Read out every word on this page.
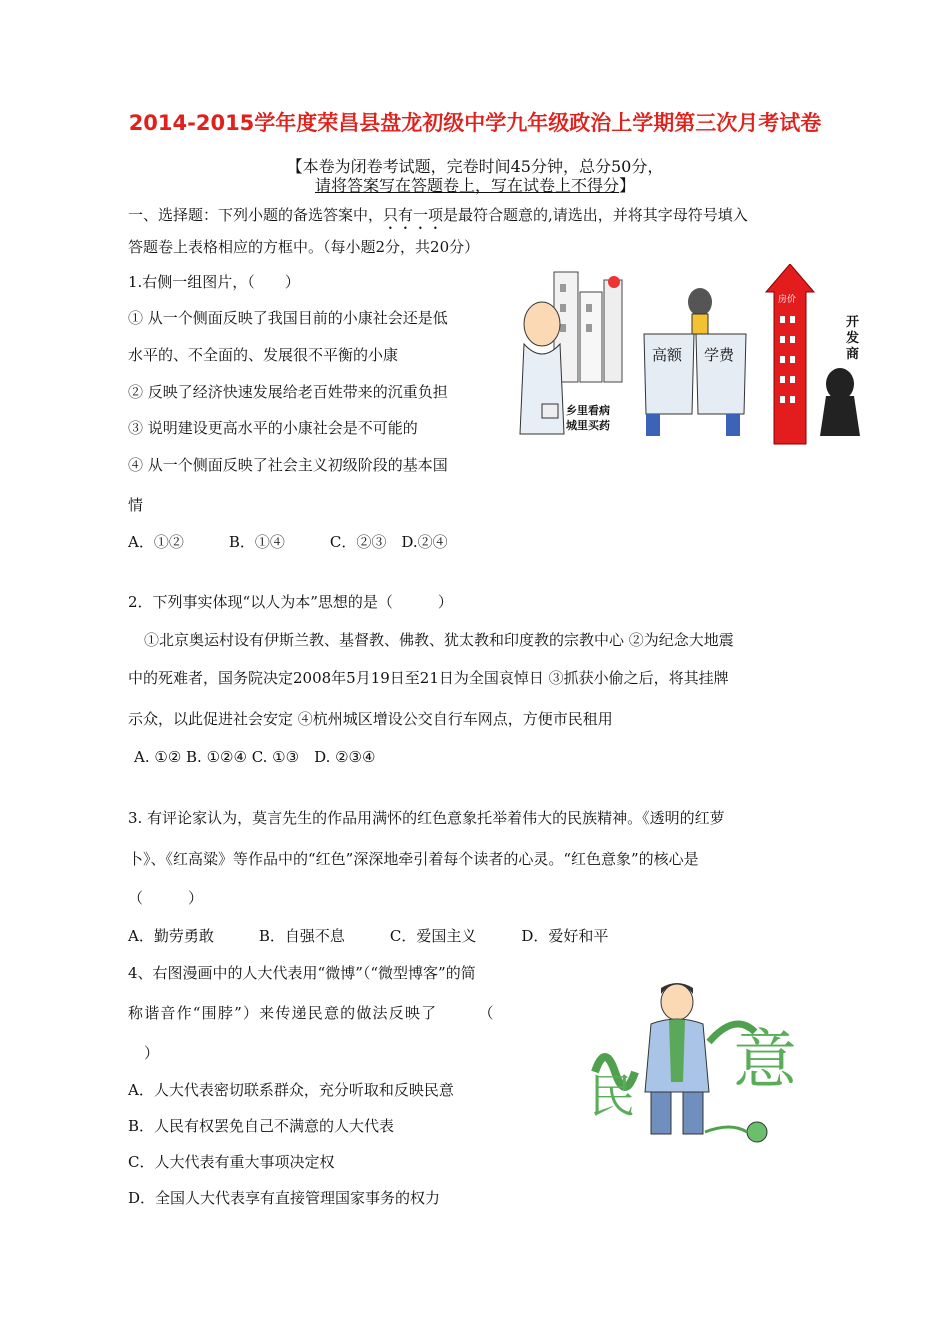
2014-2015学年度荣昌县盘龙初级中学九年级政治上学期第三次月考试卷
【本卷为闭卷考试题，完卷时间45分钟，总分50分，
请将答案写在答题卷上，写在试卷上不得分】
一、选择题：下列小题的备选答案中，只有一项是最符合题意的,请选出，并将其字母符号填入
答题卷上表格相应的方框中。（每小题2分，共20分）
1.右侧一组图片，（　　）
① 从一个侧面反映了我国目前的小康社会还是低
水平的、不全面的、发展很不平衡的小康
② 反映了经济快速发展给老百姓带来的沉重负担
③ 说明建设更高水平的小康社会是不可能的
④ 从一个侧面反映了社会主义初级阶段的基本国
情
A．①②　　　B．①④　　　C．②③　D.②④
乡里看病
城里买药
高额 学费
房价
开
发
商
2．下列事实体现“以人为本”思想的是（　　　）
①北京奥运村设有伊斯兰教、基督教、佛教、犹太教和印度教的宗教中心 ②为纪念大地震
中的死难者，国务院决定2008年5月19日至21日为全国哀悼日 ③抓获小偷之后，将其挂牌
示众，以此促进社会安定 ④杭州城区增设公交自行车网点，方便市民租用
A. ①② B. ①②④ C. ①③　D. ②③④
3. 有评论家认为，莫言先生的作品用满怀的红色意象托举着伟大的民族精神。《透明的红萝
卜》、《红高粱》等作品中的“红色”深深地牵引着每个读者的心灵。“红色意象”的核心是
（　　　）
A．勤劳勇敢　　　B．自强不息　　　C．爱国主义　　　D．爱好和平
4、右图漫画中的人大代表用“微博”（“微型博客”的简
称谐音作“围脖”）来传递民意的做法反映了　　　（
）
A．人大代表密切联系群众，充分听取和反映民意
B．人民有权罢免自己不满意的人大代表
C．人大代表有重大事项决定权
D．全国人大代表享有直接管理国家事务的权力
民 意
